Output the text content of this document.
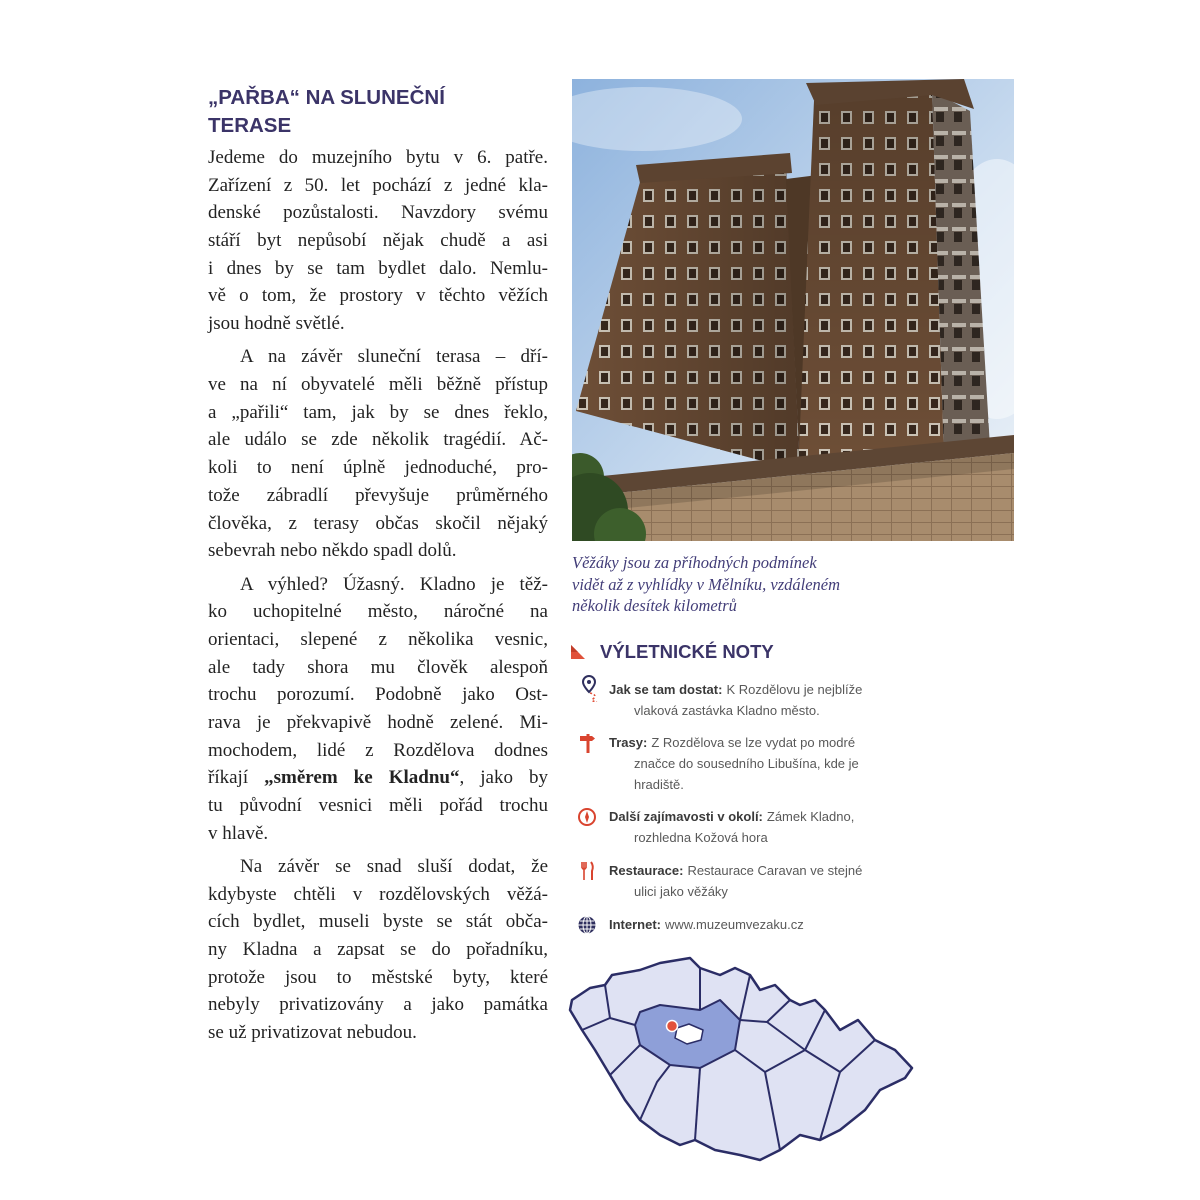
„PAŘBA“ NA SLUNEČNÍ
TERASE
Jedeme do muzejního bytu v 6. patře.
Zařízení z 50. let pochází z jedné kla-
denské pozůstalosti. Navzdory svému
stáří byt nepůsobí nějak chudě a asi
i dnes by se tam bydlet dalo. Nemlu-
vě o tom, že prostory v těchto věžích
jsou hodně světlé.
A na závěr sluneční terasa – dří-
ve na ní obyvatelé měli běžně přístup
a „pařili“ tam, jak by se dnes řeklo,
ale událo se zde několik tragédií. Ač-
koli to není úplně jednoduché, pro-
tože zábradlí převyšuje průměrného
člověka, z terasy občas skočil nějaký
sebevrah nebo někdo spadl dolů.
A výhled? Úžasný. Kladno je těž-
ko uchopitelné město, náročné na
orientaci, slepené z několika vesnic,
ale tady shora mu člověk alespoň
trochu porozumí. Podobně jako Ost-
rava je překvapivě hodně zelené. Mi-
mochodem, lidé z Rozdělova dodnes
říkají „směrem ke Kladnu“, jako by
tu původní vesnici měli pořád trochu
v hlavě.
Na závěr se snad sluší dodat, že
kdybyste chtěli v rozdělovských věžá-
cích bydlet, museli byste se stát obča-
ny Kladna a zapsat se do pořadníku,
protože jsou to městské byty, které
nebyly privatizovány a jako památka
se už privatizovat nebudou.
Věžáky jsou za příhodných podmínek
vidět až z vyhlídky v Mělníku, vzdáleném
několik desítek kilometrů
VÝLETNICKÉ NOTY
Jak se tam dostat: K Rozdělovu je nejblíže
vlaková zastávka Kladno město.
Trasy: Z Rozdělova se lze vydat po modré
značce do sousedního Libušína, kde je
hradiště.
Další zajímavosti v okolí: Zámek Kladno,
rozhledna Kožová hora
Restaurace: Restaurace Caravan ve stejné
ulici jako věžáky
Internet: www.muzeumvezaku.cz
